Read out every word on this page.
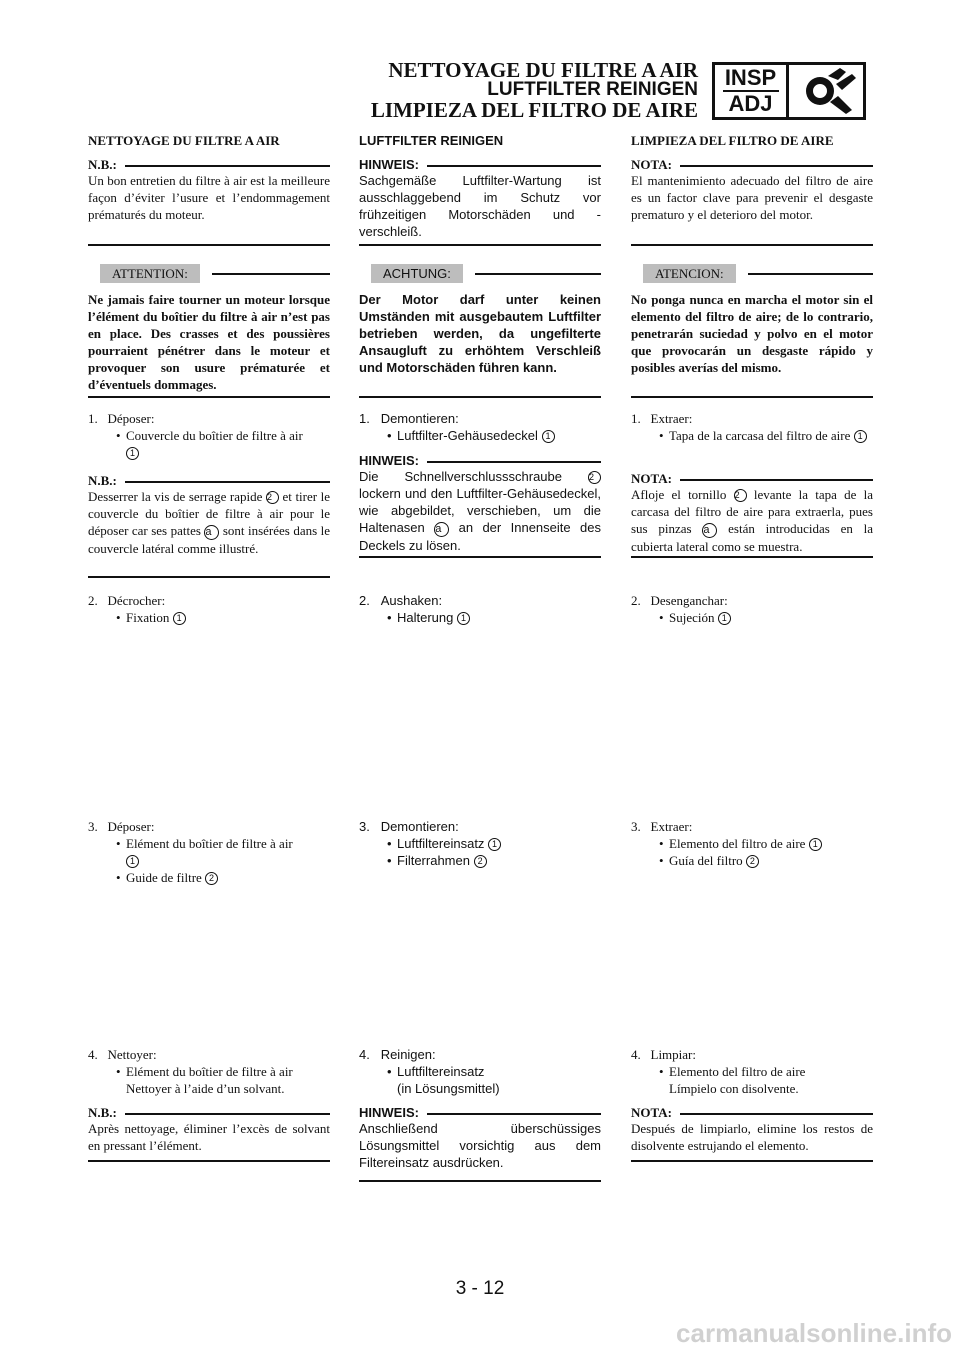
NETTOYAGE DU FILTRE A AIR
LUFTFILTER REINIGEN
LIMPIEZA DEL FILTRO DE AIRE
INSP
ADJ
NETTOYAGE DU FILTRE A AIR
N.B.:
Un bon entretien du filtre à air est la meilleure façon d’éviter l’usure et l’endommagement prématurés du moteur.
ATTENTION:
Ne jamais faire tourner un moteur lorsque l’élément du boîtier du filtre à air n’est pas en place. Des crasses et des poussières pourraient pénétrer dans le moteur et provoquer son usure prématurée et d’éventuels dommages.
1. Déposer:
• Couvercle du boîtier de filtre à air
1
N.B.:
Desserrer la vis de serrage rapide 2 et tirer le couvercle du boîtier de filtre à air pour le déposer car ses pattes a sont insérées dans le couvercle latéral comme illustré.
2. Décrocher:
• Fixation 1
3. Déposer:
• Elément du boîtier de filtre à air
1
• Guide de filtre 2
4. Nettoyer:
• Elément du boîtier de filtre à air
Nettoyer à l’aide d’un solvant.
N.B.:
Après nettoyage, éliminer l’excès de solvant en pressant l’élément.
LUFTFILTER REINIGEN
HINWEIS:
Sachgemäße Luftfilter-Wartung ist ausschlaggebend im Schutz vor frühzeitigen Motorschäden und -verschleiß.
ACHTUNG:
Der Motor darf unter keinen Umständen mit ausgebautem Luftfilter betrieben werden, da ungefilterte Ansaugluft zu erhöhtem Verschleiß und Motorschäden führen kann.
1. Demontieren:
• Luftfilter-Gehäusedeckel 1
HINWEIS:
Die Schnellverschlussschraube	2 lockern und den Luftfilter-Gehäusedeckel, wie abgebildet, verschieben, um die Haltenasen a an der Innenseite des Deckels zu lösen.
2. Aushaken:
• Halterung 1
3. Demontieren:
• Luftfiltereinsatz 1
• Filterrahmen 2
4. Reinigen:
• Luftfiltereinsatz
(in Lösungsmittel)
HINWEIS:
Anschließend überschüssiges Lösungsmittel vorsichtig aus dem Filtereinsatz ausdrücken.
LIMPIEZA DEL FILTRO DE AIRE
NOTA:
El mantenimiento adecuado del filtro de aire es un factor clave para prevenir el desgaste prematuro y el deterioro del motor.
ATENCION:
No ponga nunca en marcha el motor sin el elemento del filtro de aire; de lo contrario, penetrarán suciedad y polvo en el motor que provocarán un desgaste rápido y posibles averías del mismo.
1. Extraer:
• Tapa de la carcasa del filtro de aire 1
NOTA:
Afloje el tornillo 2 levante la tapa de la carcasa del filtro de aire para extraerla, pues sus pinzas a están introducidas en la cubierta lateral como se muestra.
2. Desenganchar:
• Sujeción 1
3. Extraer:
• Elemento del filtro de aire 1
• Guía del filtro 2
4. Limpiar:
• Elemento del filtro de aire
Límpielo con disolvente.
NOTA:
Después de limpiarlo, elimine los restos de disolvente estrujando el elemento.
3 - 12
carmanualsonline.info
